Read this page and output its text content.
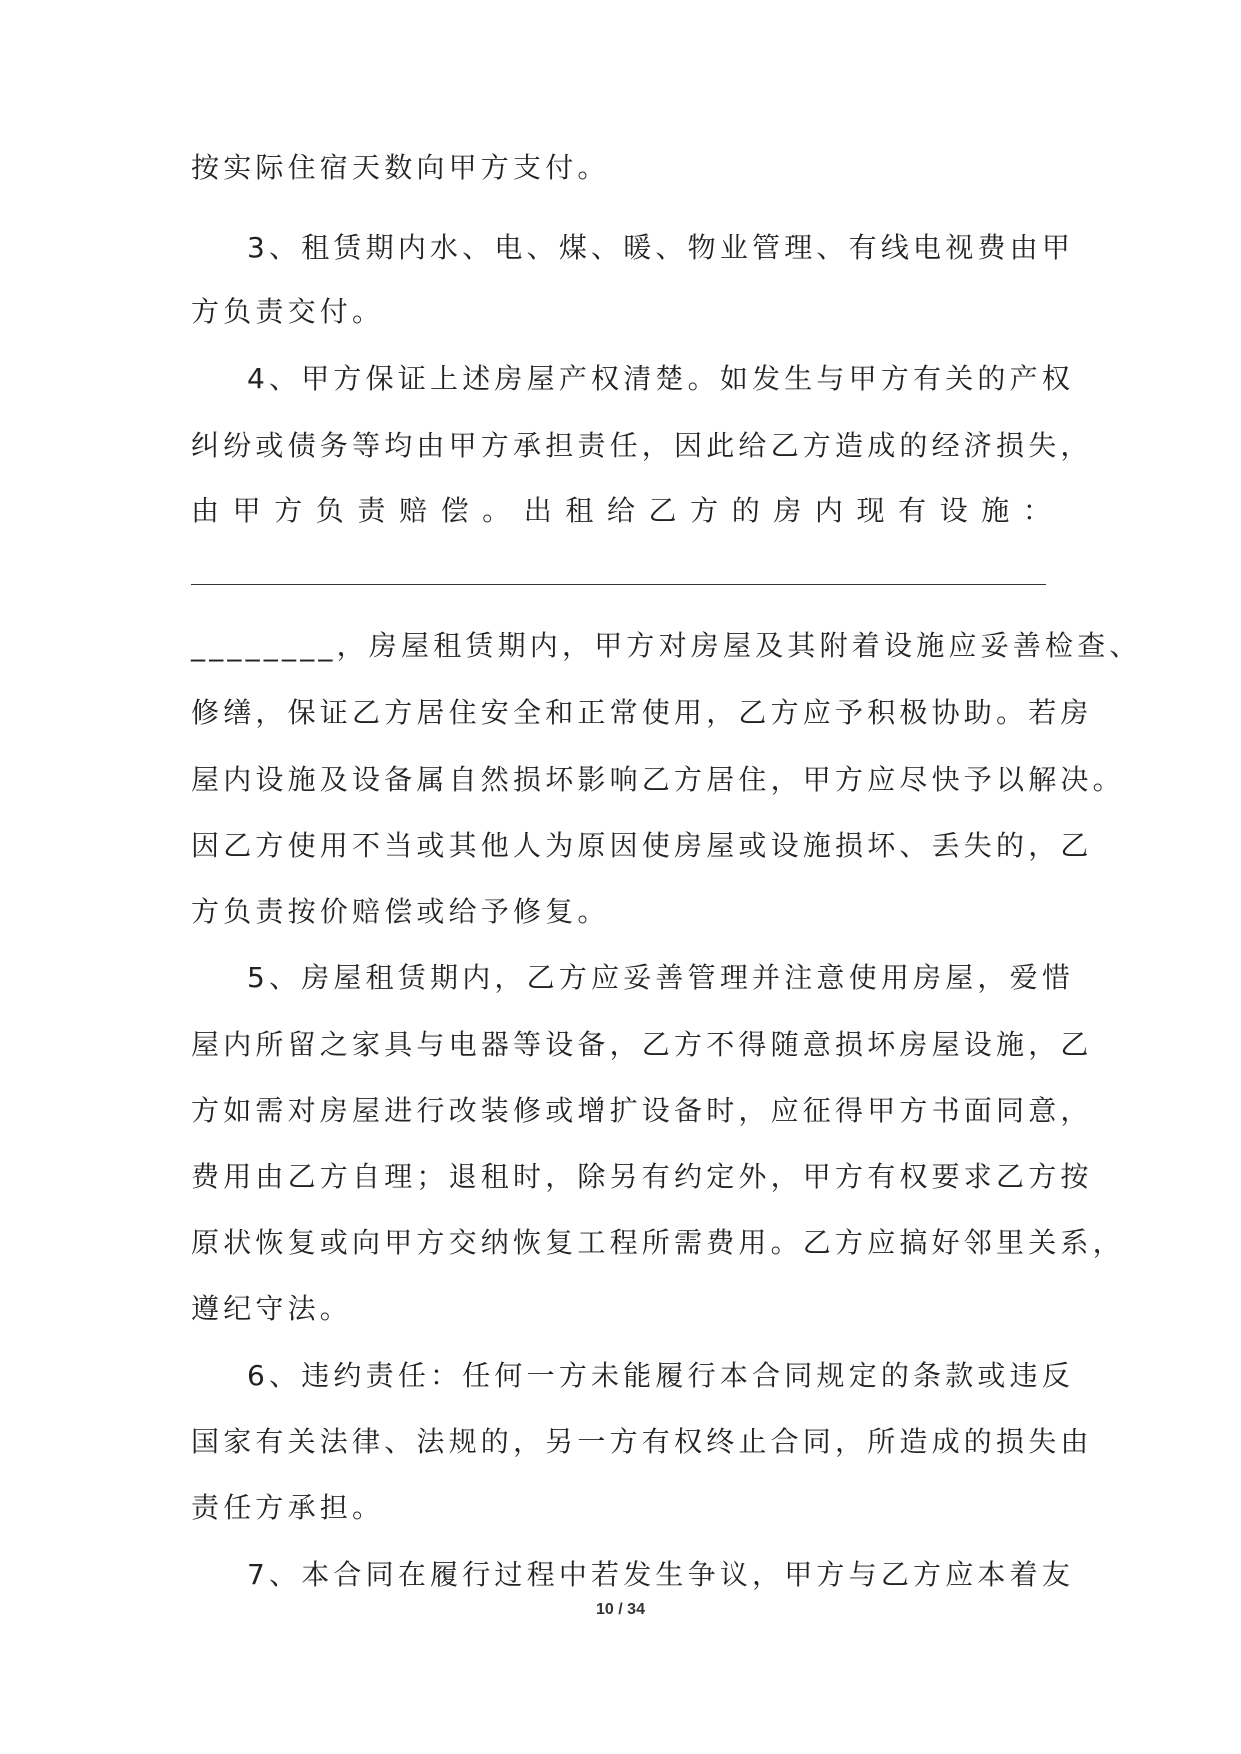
按实际住宿天数向甲方支付。
3、租赁期内水、电、煤、暖、物业管理、有线电视费由甲
方负责交付。
4、甲方保证上述房屋产权清楚。如发生与甲方有关的产权
纠纷或债务等均由甲方承担责任，因此给乙方造成的经济损失，
由 甲 方 负 责 赔 偿 。 出 租 给 乙 方 的 房 内 现 有 设 施 ：
________，房屋租赁期内，甲方对房屋及其附着设施应妥善检查、
修缮，保证乙方居住安全和正常使用，乙方应予积极协助。若房
屋内设施及设备属自然损坏影响乙方居住，甲方应尽快予以解决。
因乙方使用不当或其他人为原因使房屋或设施损坏、丢失的，乙
方负责按价赔偿或给予修复。
5、房屋租赁期内，乙方应妥善管理并注意使用房屋，爱惜
屋内所留之家具与电器等设备，乙方不得随意损坏房屋设施，乙
方如需对房屋进行改装修或增扩设备时，应征得甲方书面同意，
费用由乙方自理；退租时，除另有约定外，甲方有权要求乙方按
原状恢复或向甲方交纳恢复工程所需费用。乙方应搞好邻里关系，
遵纪守法。
6、违约责任：任何一方未能履行本合同规定的条款或违反
国家有关法律、法规的，另一方有权终止合同，所造成的损失由
责任方承担。
7、本合同在履行过程中若发生争议，甲方与乙方应本着友
10 / 34
